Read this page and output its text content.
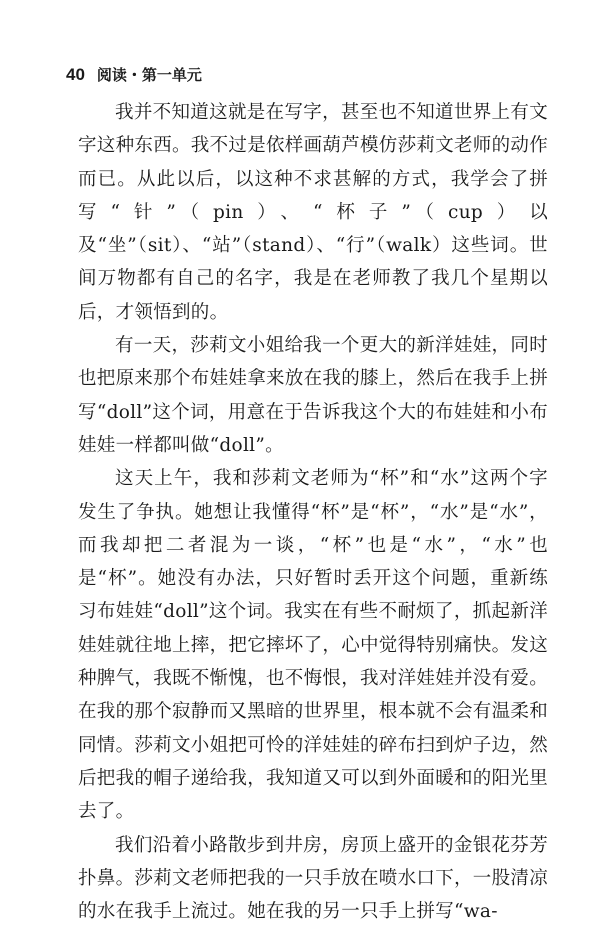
40 阅读・第一单元

我并不知道这就是在写字，甚至也不知道世界上有文字这种东西。我不过是依样画葫芦模仿莎莉文老师的动作而已。从此以后，以这种不求甚解的方式，我学会了拼写“针”（pin）、“杯子”（cup）以及“坐”（sit）、“站”（stand）、“行”（walk）这些词。世间万物都有自己的名字，我是在老师教了我几个星期以后，才领悟到的。

有一天，莎莉文小姐给我一个更大的新洋娃娃，同时也把原来那个布娃娃拿来放在我的膝上，然后在我手上拼写“doll”这个词，用意在于告诉我这个大的布娃娃和小布娃娃一样都叫做“doll”。

这天上午，我和莎莉文老师为“杯”和“水”这两个字发生了争执。她想让我懂得“杯”是“杯”，“水”是“水”，而我却把二者混为一谈，“杯”也是“水”，“水”也是“杯”。她没有办法，只好暂时丢开这个问题，重新练习布娃娃“doll”这个词。我实在有些不耐烦了，抓起新洋娃娃就往地上摔，把它摔坏了，心中觉得特别痛快。发这种脾气，我既不惭愧，也不悔恨，我对洋娃娃并没有爱。在我的那个寂静而又黑暗的世界里，根本就不会有温柔和同情。莎莉文小姐把可怜的洋娃娃的碎布扫到炉子边，然后把我的帽子递给我，我知道又可以到外面暖和的阳光里去了。

我们沿着小路散步到井房，房顶上盛开的金银花芬芳扑鼻。莎莉文老师把我的一只手放在喷水口下，一股清凉的水在我手上流过。她在我的另一只手上拼写“wa-
